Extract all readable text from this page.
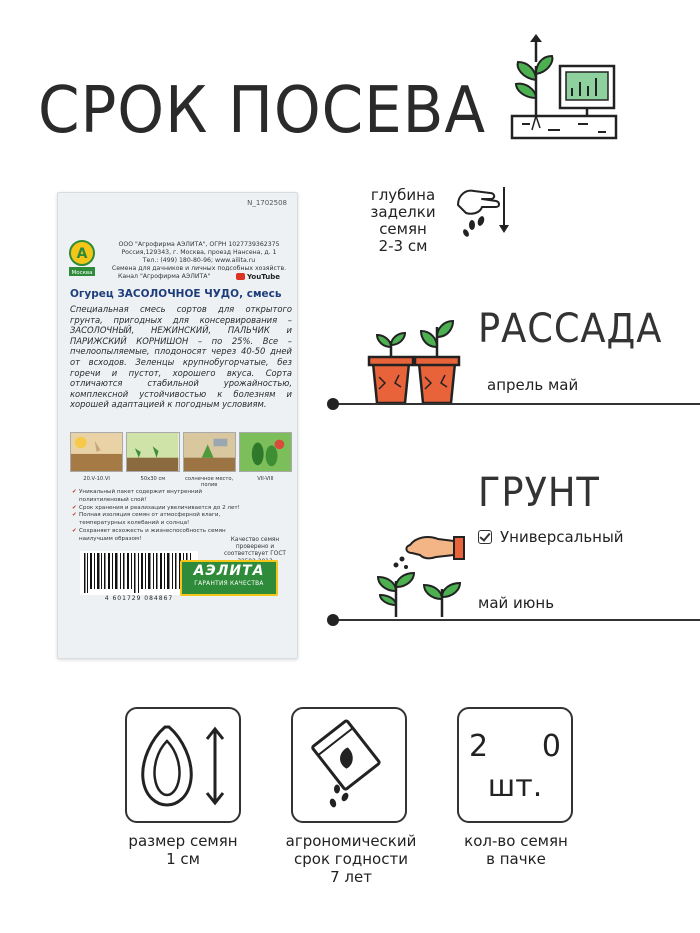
СРОК ПОСЕВА
N_1702508
А
Москва
ООО "Агрофирма АЭЛИТА", ОГРН 1027739362375
Россия,129343, г. Москва, проезд Нансена, д. 1
Тел.: (499) 180-80-96; www.ailita.ru
Семена для дачников и личных подсобных хозяйств.
Канал "Агрофирма АЭЛИТА"	YouTube
Огурец ЗАСОЛОЧНОЕ ЧУДО, смесь
Специальная смесь сортов для открытого грунта, пригодных для консервирования – ЗАСОЛОЧНЫЙ, НЕЖИНСКИЙ, ПАЛЬЧИК и ПАРИЖСКИЙ КОРНИШОН – по 25%. Все – пчелоопыляемые, плодоносят через 40-50 дней от всходов. Зеленцы крупнобугорчатые, без горечи и пустот, хорошего вкуса. Сорта отличаются стабильной урожайностью, комплексной устойчивостью к болезням и хорошей адаптацией к погодным условиям.
20.V-10.VI	50x30 см	солнечное место, полив
VII-VIII
✔ Уникальный пакет содержит внутренний полиэтиленовый слой!
✔ Срок хранения и реализации увеличивается до 2 лет!
✔ Полная изоляция семян от атмосферной влаги, температурных колебаний и солнца!
✔ Сохраняет всхожесть и жизнеспособность семян наилучшим образом!	Качество семян проверено и соответствует ГОСТ
4 601729 084867
АЭЛИТА
ГАРАНТИЯ КАЧЕСТВА
глубина
заделки
семян
2-3 см
РАССАДА
апрель май
ГРУНТ
Универсальный
май июнь
размер семян
1 см
агрономический
срок годности
7 лет
2 0
шт.
кол-во семян
в пачке
